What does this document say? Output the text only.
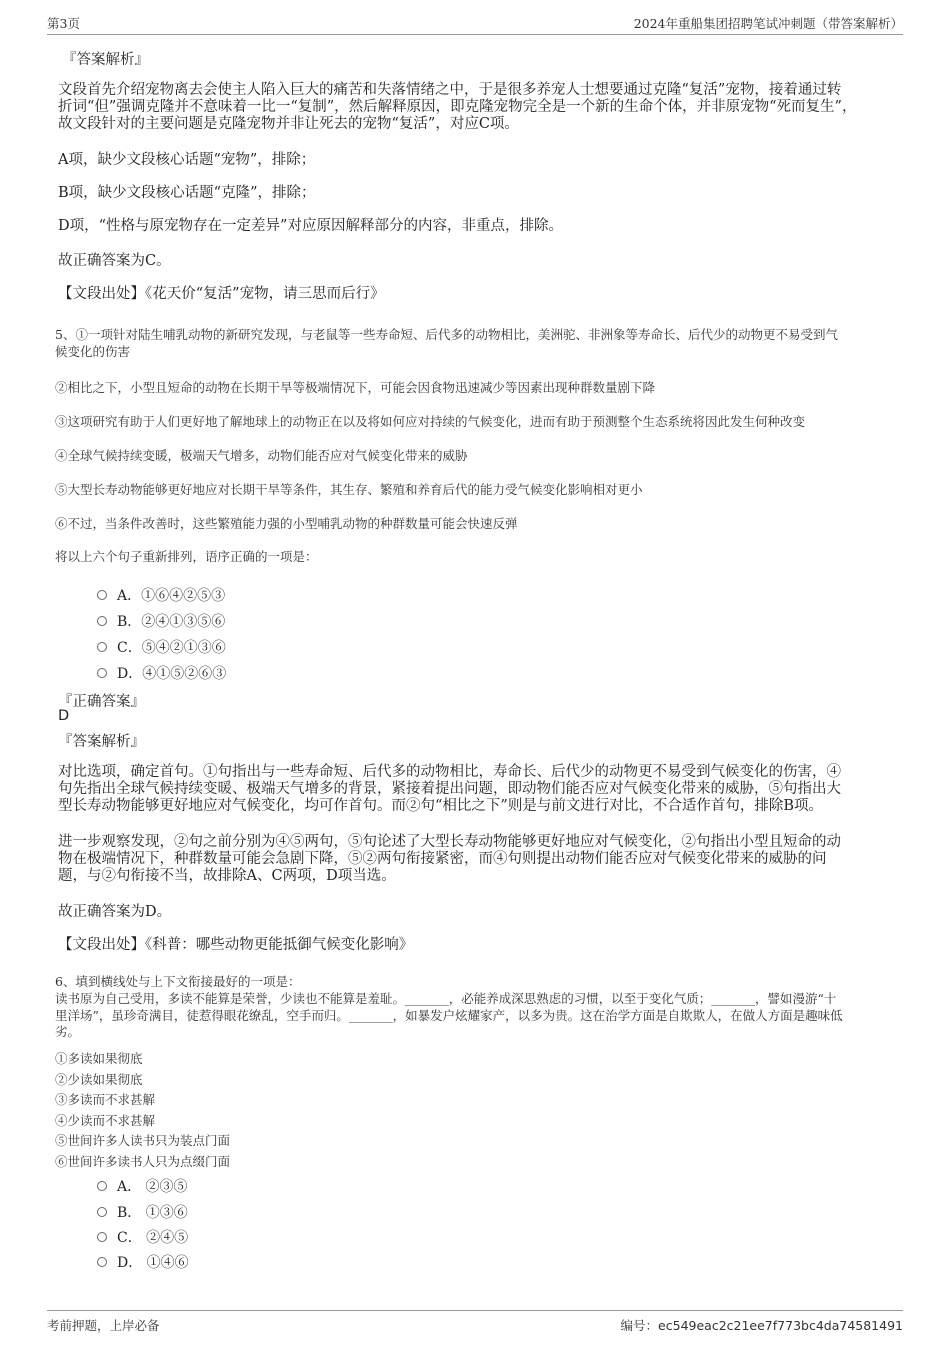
第3页	2024年重船集团招聘笔试冲刺题（带答案解析）
『答案解析』
文段首先介绍宠物离去会使主人陷入巨大的痛苦和失落情绪之中，于是很多养宠人士想要通过克隆“复活”宠物，接着通过转
折词“但”强调克隆并不意味着一比一“复制”，然后解释原因，即克隆宠物完全是一个新的生命个体，并非原宠物“死而复生”，
故文段针对的主要问题是克隆宠物并非让死去的宠物“复活”，对应C项。
A项，缺少文段核心话题“宠物”，排除；
B项，缺少文段核心话题“克隆”，排除；
D项，“性格与原宠物存在一定差异”对应原因解释部分的内容，非重点，排除。
故正确答案为C。
【文段出处】《花天价“复活”宠物，请三思而后行》
5、①一项针对陆生哺乳动物的新研究发现，与老鼠等一些寿命短、后代多的动物相比，美洲驼、非洲象等寿命长、后代少的动物更不易受到气
候变化的伤害
②相比之下，小型且短命的动物在长期干旱等极端情况下，可能会因食物迅速减少等因素出现种群数量剧下降
③这项研究有助于人们更好地了解地球上的动物正在以及将如何应对持续的气候变化，进而有助于预测整个生态系统将因此发生何种改变
④全球气候持续变暖，极端天气增多，动物们能否应对气候变化带来的威胁
⑤大型长寿动物能够更好地应对长期干旱等条件，其生存、繁殖和养育后代的能力受气候变化影响相对更小
⑥不过，当条件改善时，这些繁殖能力强的小型哺乳动物的种群数量可能会快速反弹
将以上六个句子重新排列，语序正确的一项是：
A．①⑥④②⑤③
B．②④①③⑤⑥
C．⑤④②①③⑥
D．④①⑤②⑥③
『正确答案』
D
『答案解析』
对比选项，确定首句。①句指出与一些寿命短、后代多的动物相比，寿命长、后代少的动物更不易受到气候变化的伤害，④
句先指出全球气候持续变暖、极端天气增多的背景，紧接着提出问题，即动物们能否应对气候变化带来的威胁，⑤句指出大
型长寿动物能够更好地应对气候变化，均可作首句。而②句“相比之下”则是与前文进行对比，不合适作首句，排除B项。
进一步观察发现，②句之前分别为④⑤两句，⑤句论述了大型长寿动物能够更好地应对气候变化，②句指出小型且短命的动
物在极端情况下，种群数量可能会急剧下降，⑤②两句衔接紧密，而④句则提出动物们能否应对气候变化带来的威胁的问
题，与②句衔接不当，故排除A、C两项，D项当选。
故正确答案为D。
【文段出处】《科普：哪些动物更能抵御气候变化影响》
6、填到横线处与上下文衔接最好的一项是：
读书原为自己受用，多读不能算是荣誉，少读也不能算是羞耻。_______，必能养成深思熟虑的习惯，以至于变化气质；_______，譬如漫游“十
里洋场”，虽珍奇满目，徒惹得眼花缭乱，空手而归。_______，如暴发户炫耀家产，以多为贵。这在治学方面是自欺欺人，在做人方面是趣味低
劣。
①多读如果彻底
②少读如果彻底
③多读而不求甚解
④少读而不求甚解
⑤世间许多人读书只为装点门面
⑥世间许多读书人只为点缀门面
A． ②③⑤
B． ①③⑥
C． ②④⑤
D． ①④⑥
考前押题，上岸必备	编号：ec549eac2c21ee7f773bc4da74581491
